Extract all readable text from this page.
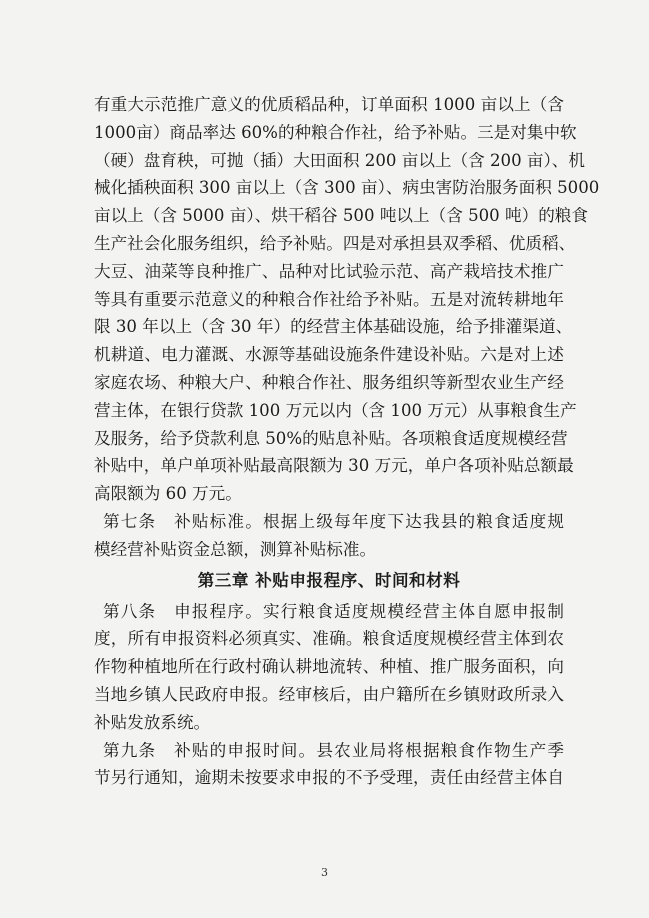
有重大示范推广意义的优质稻品种，订单面积 1000 亩以上（含
1000亩）商品率达 60%的种粮合作社，给予补贴。三是对集中软
（硬）盘育秧，可抛（插）大田面积 200 亩以上（含 200 亩）、机
械化插秧面积 300 亩以上（含 300 亩）、病虫害防治服务面积 5000
亩以上（含 5000 亩）、烘干稻谷 500 吨以上（含 500 吨）的粮食
生产社会化服务组织，给予补贴。四是对承担县双季稻、优质稻、
大豆、油菜等良种推广、品种对比试验示范、高产栽培技术推广
等具有重要示范意义的种粮合作社给予补贴。五是对流转耕地年
限 30 年以上（含 30 年）的经营主体基础设施，给予排灌渠道、
机耕道、电力灌溉、水源等基础设施条件建设补贴。六是对上述
家庭农场、种粮大户、种粮合作社、服务组织等新型农业生产经
营主体，在银行贷款 100 万元以内（含 100 万元）从事粮食生产
及服务，给予贷款利息 50%的贴息补贴。各项粮食适度规模经营
补贴中，单户单项补贴最高限额为 30 万元，单户各项补贴总额最
高限额为 60 万元。
第七条　补贴标准。根据上级每年度下达我县的粮食适度规
模经营补贴资金总额，测算补贴标准。
第三章 补贴申报程序、时间和材料
第八条　申报程序。实行粮食适度规模经营主体自愿申报制
度，所有申报资料必须真实、准确。粮食适度规模经营主体到农
作物种植地所在行政村确认耕地流转、种植、推广服务面积，向
当地乡镇人民政府申报。经审核后，由户籍所在乡镇财政所录入
补贴发放系统。
第九条　补贴的申报时间。县农业局将根据粮食作物生产季
节另行通知，逾期未按要求申报的不予受理，责任由经营主体自
3
